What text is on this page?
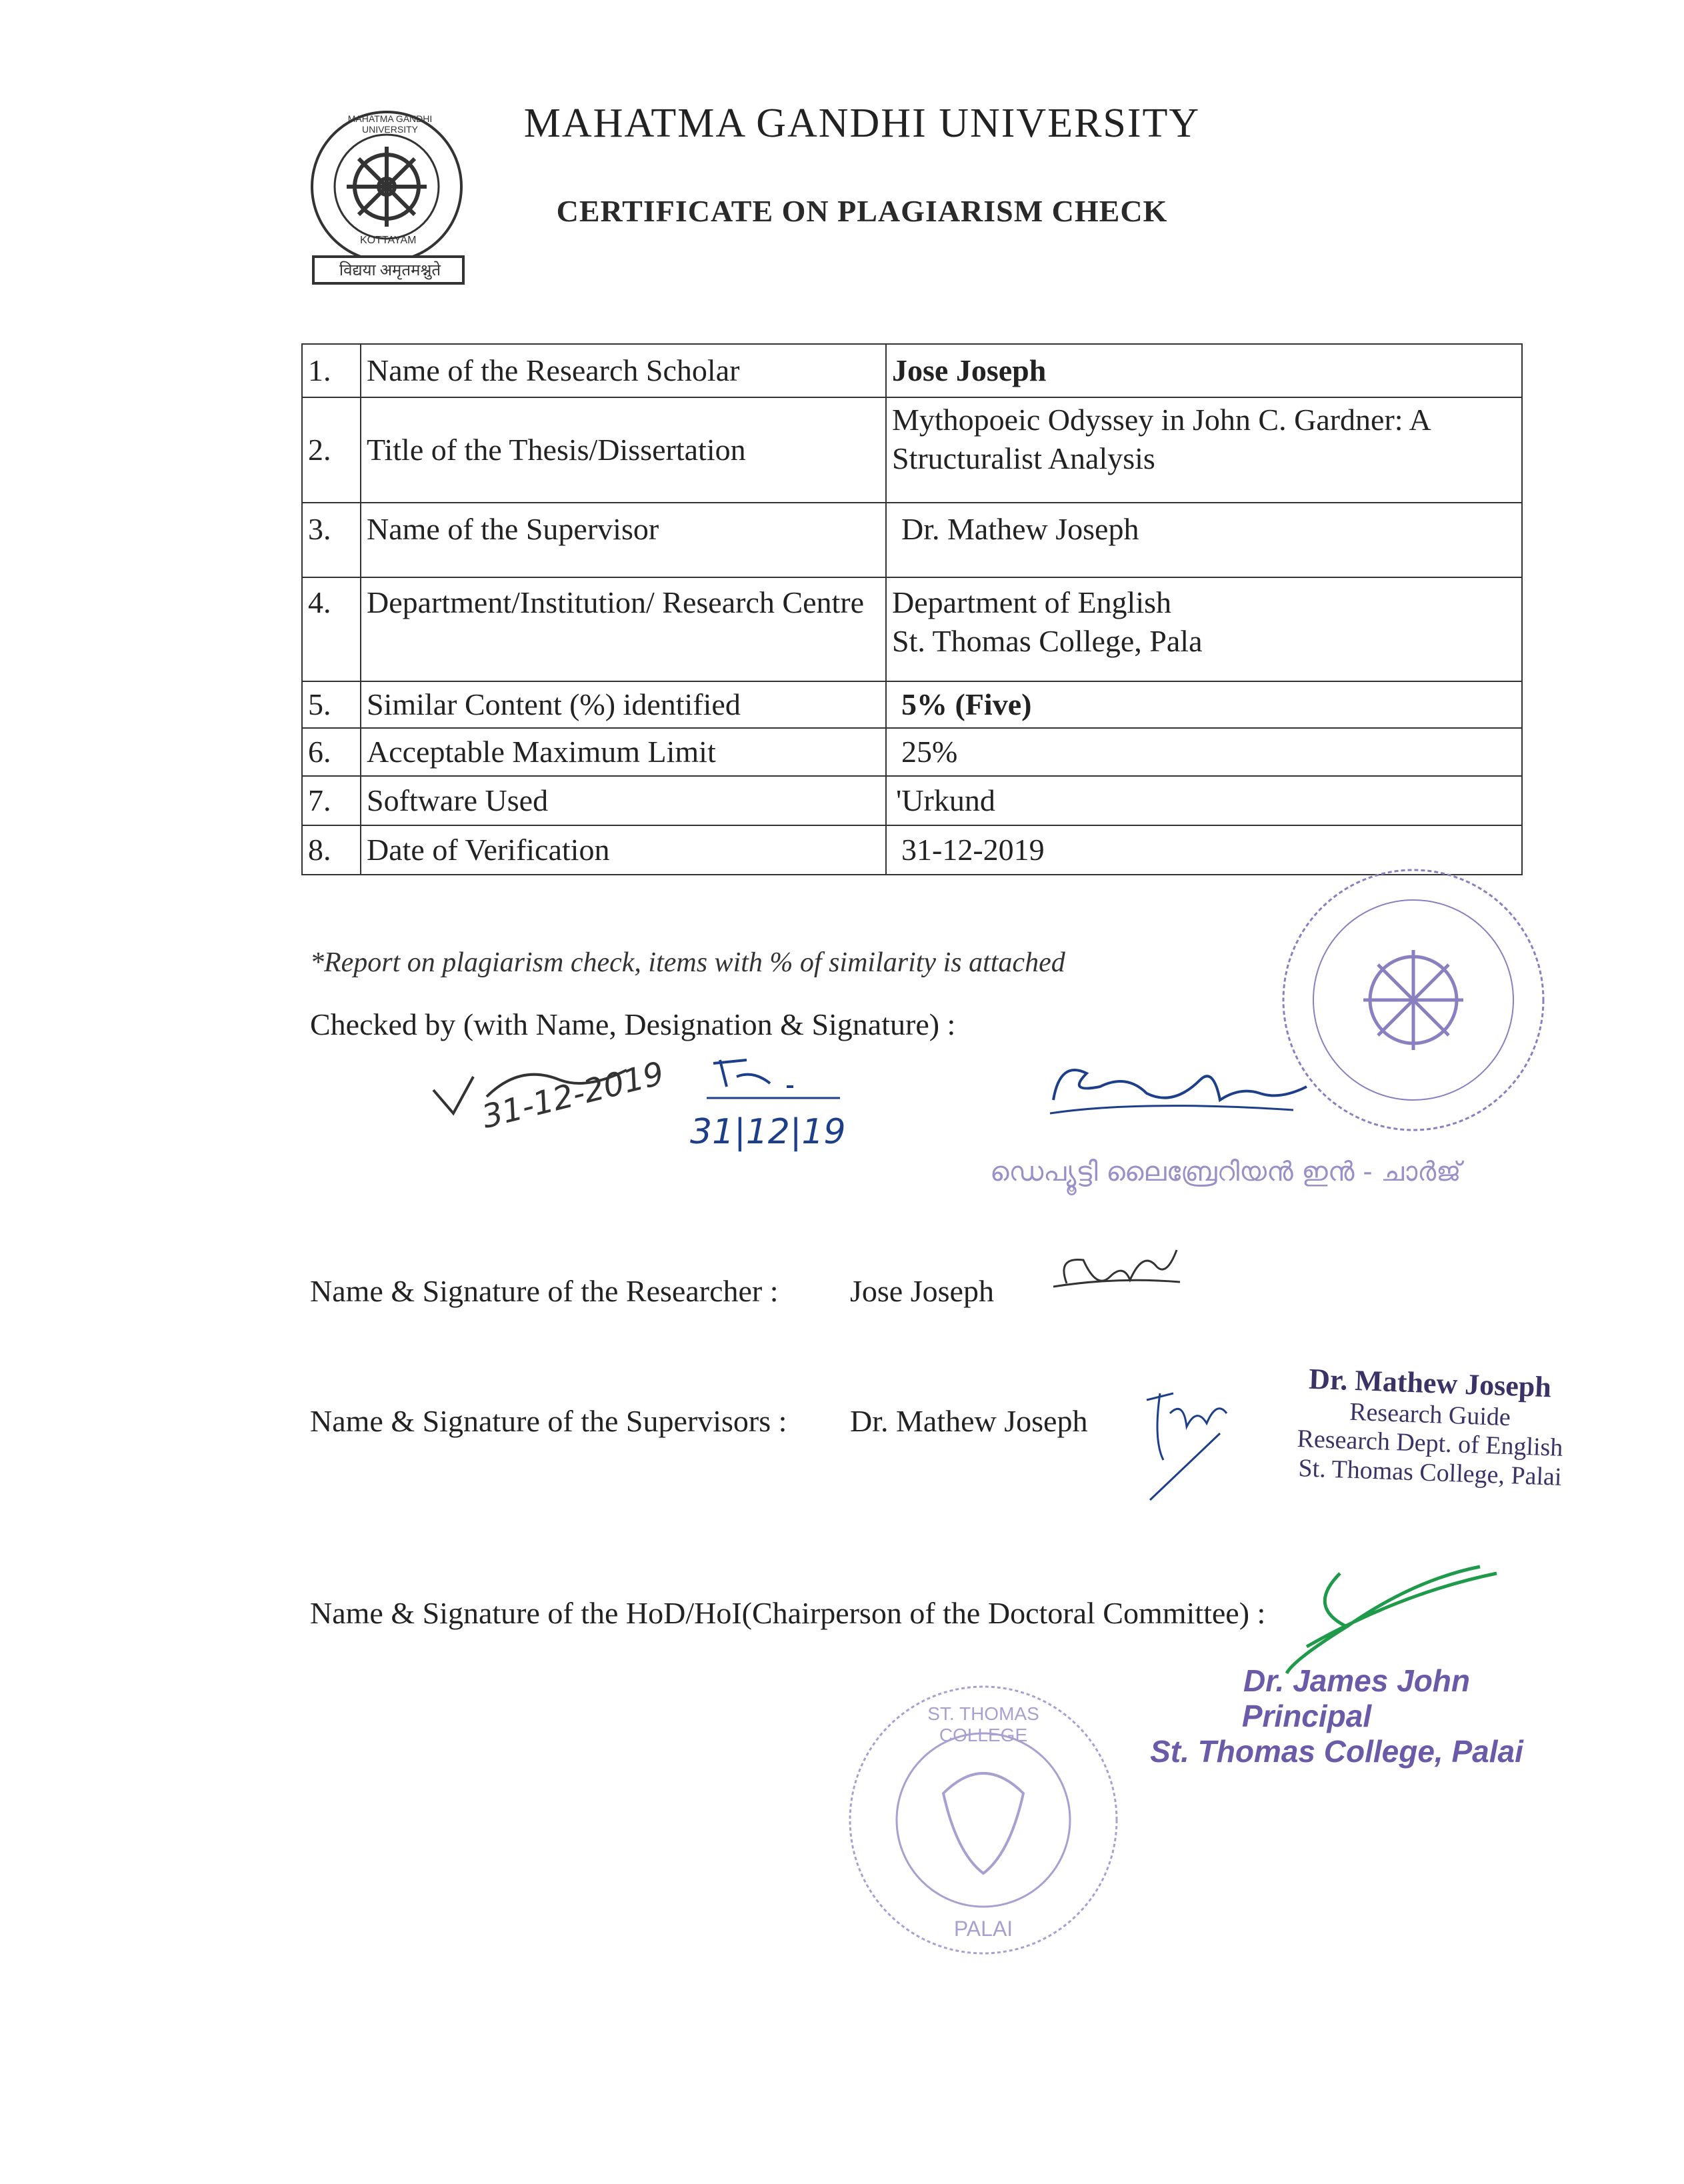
विद्यया अमृतमश्नुते
KOTTAYAM
MAHATMA GANDHI UNIVERSITY	MAHATMA GANDHI UNIVERSITY
CERTIFICATE ON PLAGIARISM CHECK
1.	Name of the Research Scholar	Jose Joseph
2.	Title of the Thesis/Dissertation	Mythopoeic Odyssey in John C. Gardner: A Structuralist Analysis
3.	Name of the Supervisor	Dr. Mathew Joseph
4.	Department/Institution/ Research Centre	Department of English
St. Thomas College, Pala

5.	Similar Content (%) identified	5% (Five)
6.	Acceptable Maximum Limit	25%
7.	Software Used	'Urkund
8.	Date of Verification	31-12-2019
*Report on plagiarism check, items with % of similarity is attached
Checked by (with Name, Designation & Signature) :
31-12-2019 31|12|19
ഡെപ്യൂട്ടി ലൈബ്രേറിയൻ ഇൻ - ചാർജ്
Name & Signature of the Researcher : Jose Joseph
Name & Signature of the Supervisors : Dr. Mathew Joseph
Dr. Mathew Joseph
Research Guide
Research Dept. of English
St. Thomas College, Palai
Name & Signature of the HoD/HoI(Chairperson of the Doctoral Committee) :
Dr. James John
Principal
St. Thomas College, Palai
ST. THOMAS COLLEGE
PALAI
